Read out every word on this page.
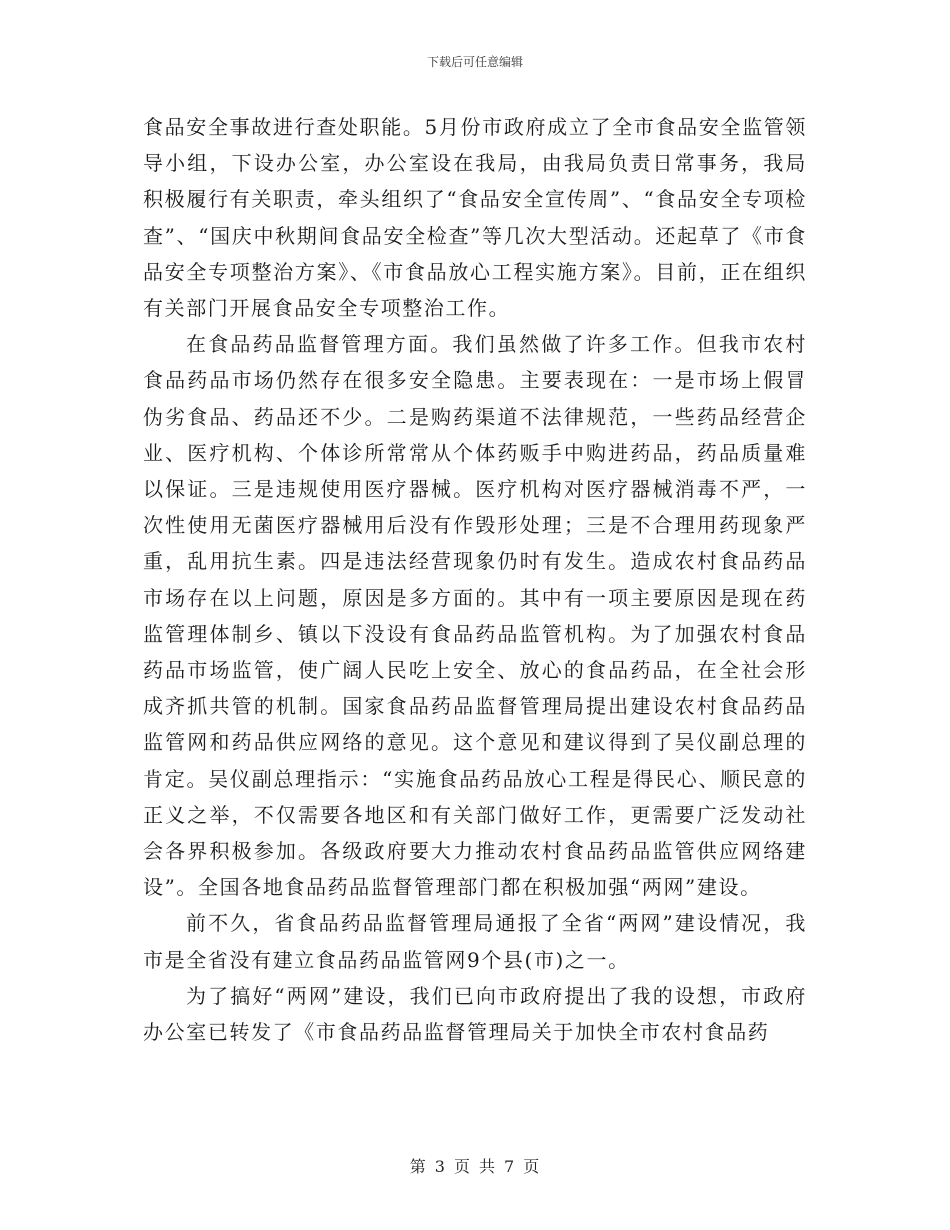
下载后可任意编辑

食品安全事故进行查处职能。5月份市政府成立了全市食品安全监管领导小组，下设办公室，办公室设在我局，由我局负责日常事务，我局积极履行有关职责，牵头组织了“食品安全宣传周”、“食品安全专项检查”、“国庆中秋期间食品安全检查”等几次大型活动。还起草了《市食品安全专项整治方案》、《市食品放心工程实施方案》。目前，正在组织有关部门开展食品安全专项整治工作。

在食品药品监督管理方面。我们虽然做了许多工作。但我市农村食品药品市场仍然存在很多安全隐患。主要表现在：一是市场上假冒伪劣食品、药品还不少。二是购药渠道不法律规范，一些药品经营企业、医疗机构、个体诊所常常从个体药贩手中购进药品，药品质量难以保证。三是违规使用医疗器械。医疗机构对医疗器械消毒不严，一次性使用无菌医疗器械用后没有作毁形处理；三是不合理用药现象严重，乱用抗生素。四是违法经营现象仍时有发生。造成农村食品药品市场存在以上问题，原因是多方面的。其中有一项主要原因是现在药监管理体制乡、镇以下没设有食品药品监管机构。为了加强农村食品药品市场监管，使广阔人民吃上安全、放心的食品药品，在全社会形成齐抓共管的机制。国家食品药品监督管理局提出建设农村食品药品监管网和药品供应网络的意见。这个意见和建议得到了吴仪副总理的肯定。吴仪副总理指示：“实施食品药品放心工程是得民心、顺民意的正义之举，不仅需要各地区和有关部门做好工作，更需要广泛发动社会各界积极参加。各级政府要大力推动农村食品药品监管供应网络建设”。全国各地食品药品监督管理部门都在积极加强“两网”建设。

前不久，省食品药品监督管理局通报了全省“两网”建设情况，我市是全省没有建立食品药品监管网9个县(市)之一。

为了搞好“两网”建设，我们已向市政府提出了我的设想，市政府办公室已转发了《市食品药品监督管理局关于加快全市农村食品药

第 3 页 共 7 页
